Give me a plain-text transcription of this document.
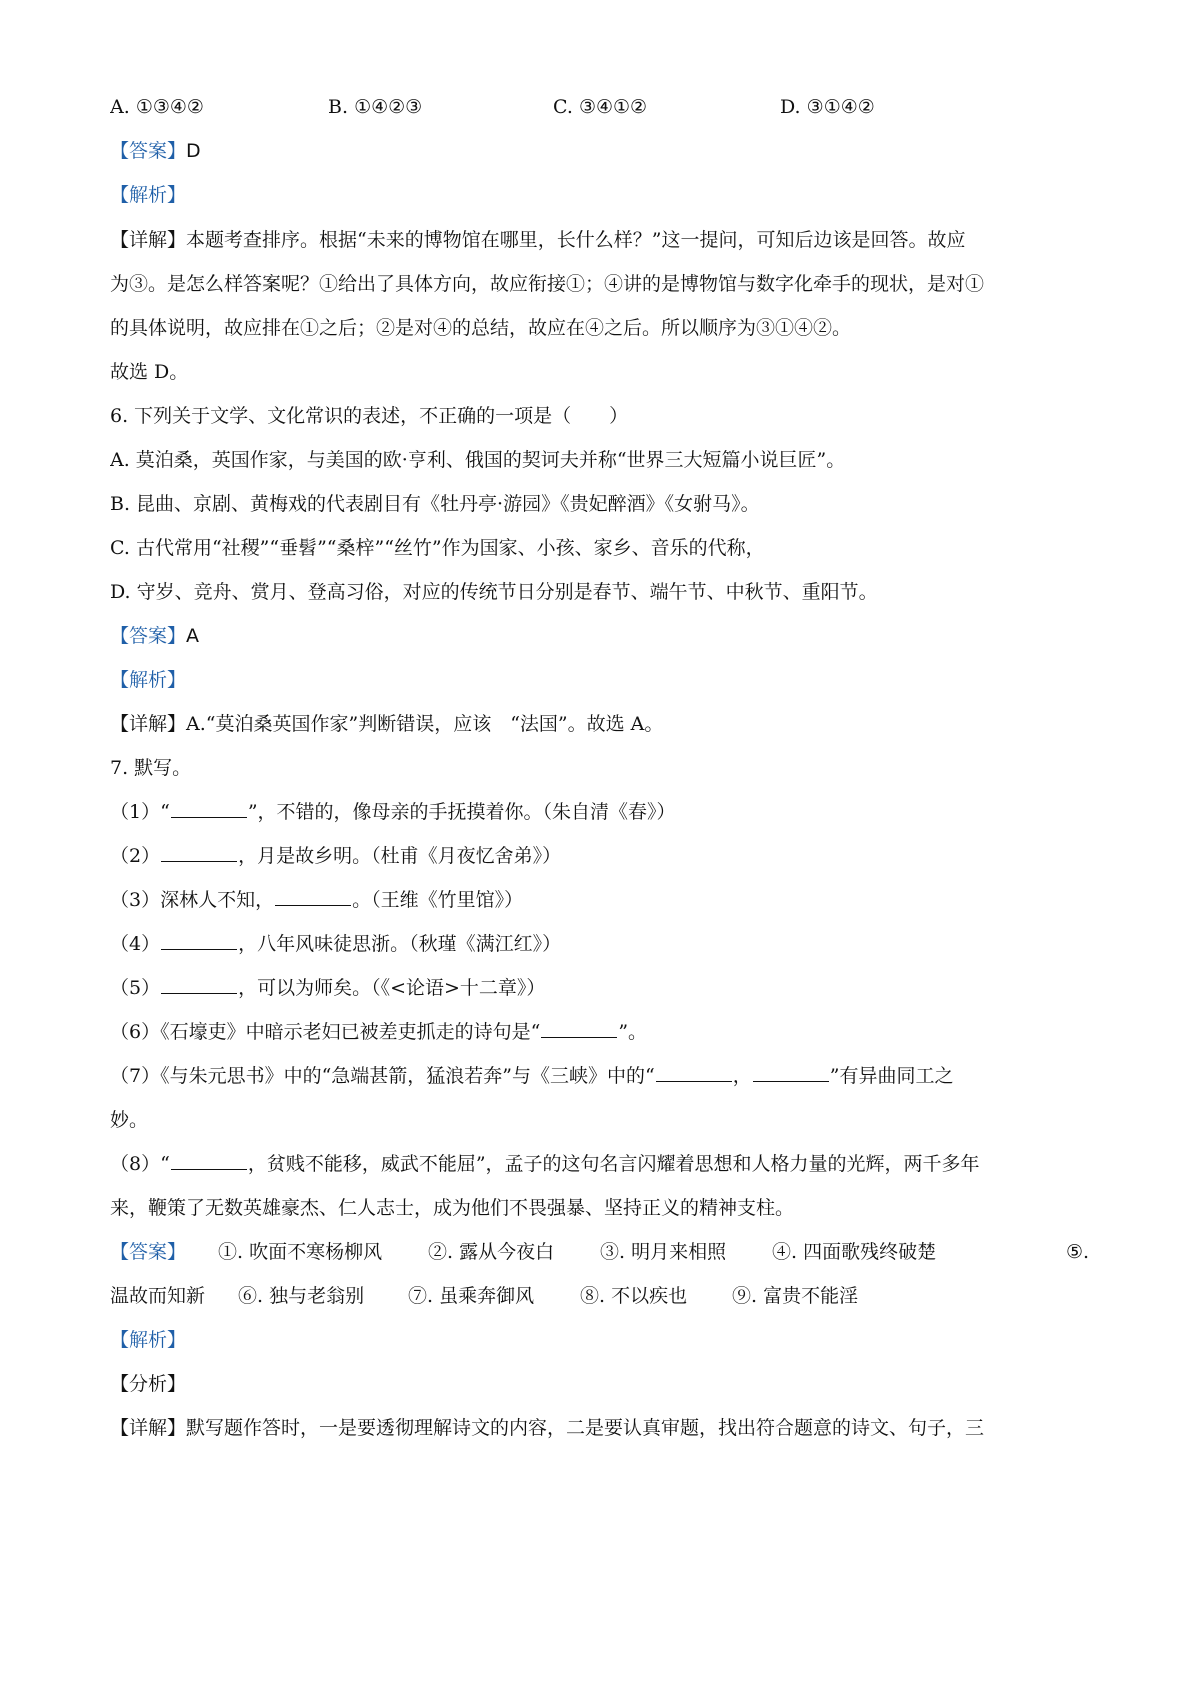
A. ①③④②	B. ①④②③	C. ③④①②	D. ③①④②
【答案】D
【解析】
【详解】本题考查排序。根据“未来的博物馆在哪里，长什么样？”这一提问，可知后边该是回答。故应
为③。是怎么样答案呢？①给出了具体方向，故应衔接①；④讲的是博物馆与数字化牵手的现状，是对①
的具体说明，故应排在①之后；②是对④的总结，故应在④之后。所以顺序为③①④②。
故选 D。
6. 下列关于文学、文化常识的表述，不正确的一项是（　　）
A. 莫泊桑，英国作家，与美国的欧·亨利、俄国的契诃夫并称“世界三大短篇小说巨匠”。
B. 昆曲、京剧、黄梅戏的代表剧目有《牡丹亭·游园》《贵妃醉酒》《女驸马》。
C. 古代常用“社稷”“垂髫”“桑梓”“丝竹”作为国家、小孩、家乡、音乐的代称，
D. 守岁、竞舟、赏月、登高习俗，对应的传统节日分别是春节、端午节、中秋节、重阳节。
【答案】A
【解析】
【详解】A.“莫泊桑英国作家”判断错误，应该　“法国”。故选 A。
7. 默写。
（1）“	”，不错的，像母亲的手抚摸着你。（朱自清《春》）
（2）	，月是故乡明。（杜甫《月夜忆舍弟》）
（3）深林人不知，	。（王维《竹里馆》）
（4）	，八年风味徒思浙。（秋瑾《满江红》）
（5）	，可以为师矣。（《<论语>十二章》）
（6）《石壕吏》中暗示老妇已被差吏抓走的诗句是“	”。
（7）《与朱元思书》中的“急端甚箭，猛浪若奔”与《三峡》中的“	，	”有异曲同工之
妙。
（8）“	，贫贱不能移，威武不能屈”，孟子的这句名言闪耀着思想和人格力量的光辉，两千多年
来，鞭策了无数英雄豪杰、仁人志士，成为他们不畏强暴、坚持正义的精神支柱。
【答案】 ①. 吹面不寒杨柳风 ②. 露从今夜白 ③. 明月来相照 ④. 四面歌残终破楚	⑤.
温故而知新 ⑥. 独与老翁别 ⑦. 虽乘奔御风 ⑧. 不以疾也 ⑨. 富贵不能淫
【解析】
【分析】
【详解】默写题作答时，一是要透彻理解诗文的内容，二是要认真审题，找出符合题意的诗文、句子，三
